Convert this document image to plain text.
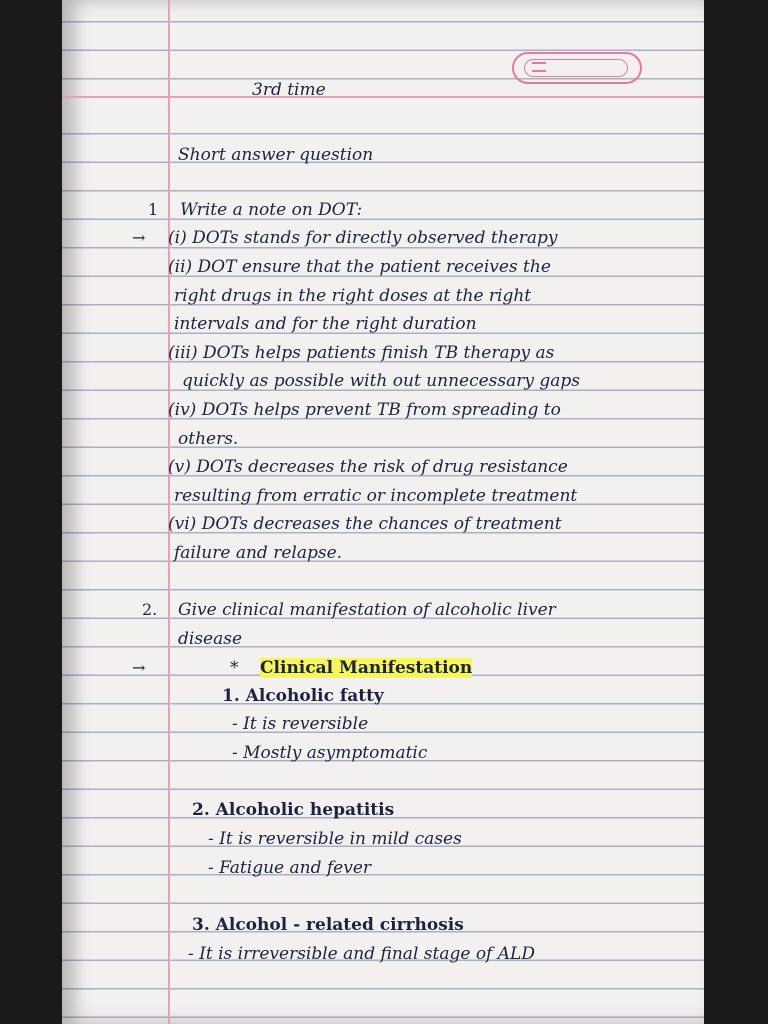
3rd time
Short answer question
1 Write a note on DOT:
→ (i) DOTs stands for directly observed therapy
(ii) DOT ensure that the patient receives the
right drugs in the right doses at the right
intervals and for the right duration
(iii) DOTs helps patients finish TB therapy as
quickly as possible with out unnecessary gaps
(iv) DOTs helps prevent TB from spreading to
others.
(v) DOTs decreases the risk of drug resistance
resulting from erratic or incomplete treatment
(vi) DOTs decreases the chances of treatment
failure and relapse.
2. Give clinical manifestation of alcoholic liver
disease
→	* Clinical Manifestation
1. Alcoholic fatty
- It is reversible
- Mostly asymptomatic
2. Alcoholic hepatitis
- It is reversible in mild cases
- Fatigue and fever
3. Alcohol - related cirrhosis
- It is irreversible and final stage of ALD
